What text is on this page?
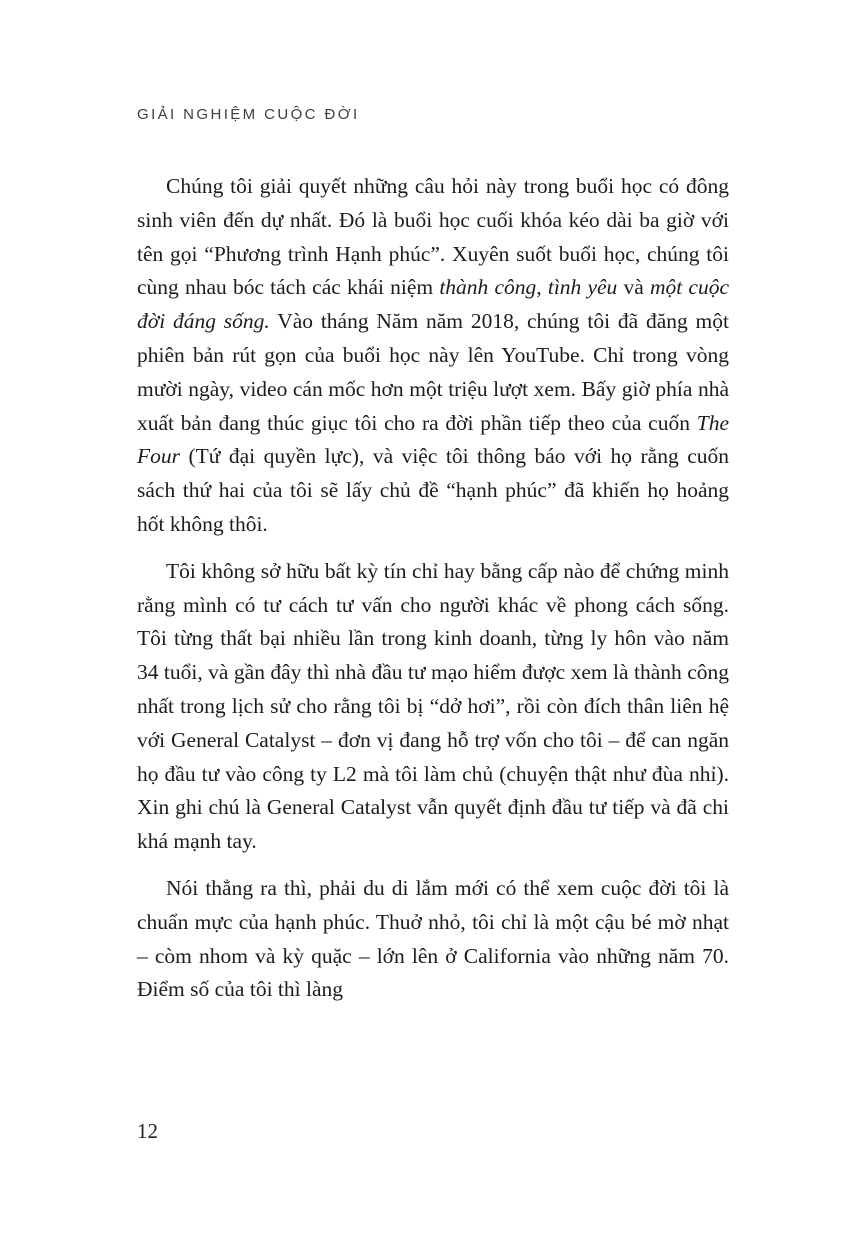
GIẢI NGHIỆM CUỘC ĐỜI

Chúng tôi giải quyết những câu hỏi này trong buổi học có đông sinh viên đến dự nhất. Đó là buổi học cuối khóa kéo dài ba giờ với tên gọi “Phương trình Hạnh phúc”. Xuyên suốt buổi học, chúng tôi cùng nhau bóc tách các khái niệm thành công, tình yêu và một cuộc đời đáng sống. Vào tháng Năm năm 2018, chúng tôi đã đăng một phiên bản rút gọn của buổi học này lên YouTube. Chỉ trong vòng mười ngày, video cán mốc hơn một triệu lượt xem. Bấy giờ phía nhà xuất bản đang thúc giục tôi cho ra đời phần tiếp theo của cuốn The Four (Tứ đại quyền lực), và việc tôi thông báo với họ rằng cuốn sách thứ hai của tôi sẽ lấy chủ đề “hạnh phúc” đã khiến họ hoảng hốt không thôi.

Tôi không sở hữu bất kỳ tín chỉ hay bằng cấp nào để chứng minh rằng mình có tư cách tư vấn cho người khác về phong cách sống. Tôi từng thất bại nhiều lần trong kinh doanh, từng ly hôn vào năm 34 tuổi, và gần đây thì nhà đầu tư mạo hiểm được xem là thành công nhất trong lịch sử cho rằng tôi bị “dở hơi”, rồi còn đích thân liên hệ với General Catalyst – đơn vị đang hỗ trợ vốn cho tôi – để can ngăn họ đầu tư vào công ty L2 mà tôi làm chủ (chuyện thật như đùa nhỉ). Xin ghi chú là General Catalyst vẫn quyết định đầu tư tiếp và đã chi khá mạnh tay.

Nói thẳng ra thì, phải du di lắm mới có thể xem cuộc đời tôi là chuẩn mực của hạnh phúc. Thuở nhỏ, tôi chỉ là một cậu bé mờ nhạt – còm nhom và kỳ quặc – lớn lên ở California vào những năm 70. Điểm số của tôi thì làng

12
